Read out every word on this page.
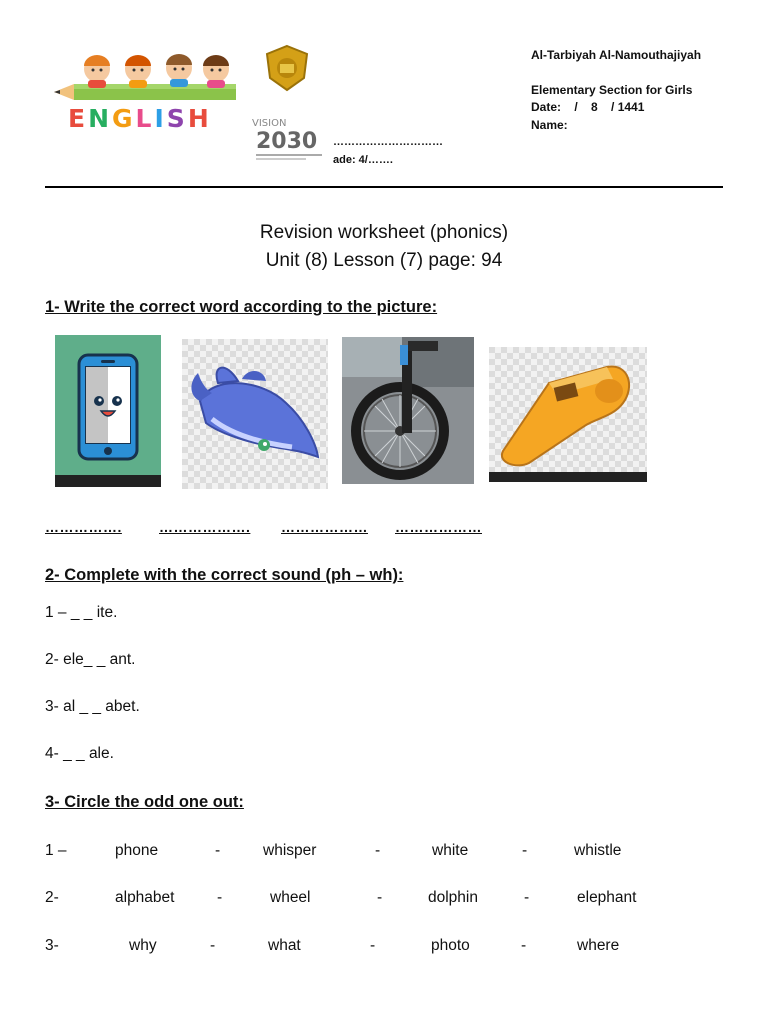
ENGLISH	VISION
2030 …………………………
ade: 4/…….
Al-Tarbiyah Al-Namouthajiyah
Elementary Section for Girls
Date: /    8    / 1441
Name:
Revision worksheet (phonics)
Unit (8) Lesson (7) page: 94
1- Write the correct word according to the picture:
…………….	………………. ……………… ………………
2- Complete with the correct sound (ph – wh):
1 – _ _ ite.
2- ele_ _ ant.
3- al _ _ abet.
4- _ _ ale.
3- Circle the odd one out:
1 –	phone	-	whisper	-	white	-	whistle
2-	alphabet	-	wheel	-	dolphin	-	elephant
3-	why	-	what	-	photo	-	where
